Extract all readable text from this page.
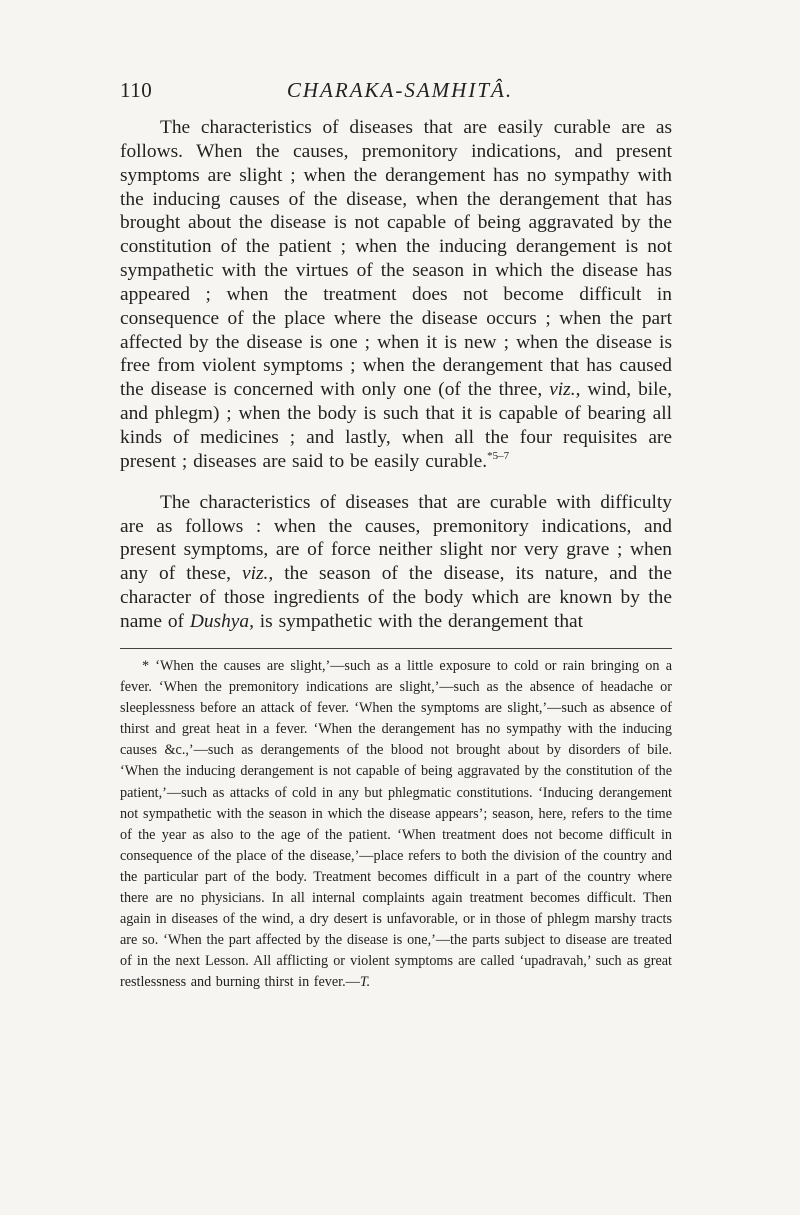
110	CHARAKA-SAMHITÂ.

The characteristics of diseases that are easily curable are as follows. When the causes, premonitory indications, and present symptoms are slight ; when the derangement has no sympathy with the inducing causes of the disease, when the derangement that has brought about the disease is not capable of being aggravated by the constitution of the patient ; when the inducing derangement is not sympathetic with the virtues of the season in which the disease has appeared ; when the treatment does not become difficult in consequence of the place where the disease occurs ; when the part affected by the disease is one ; when it is new ; when the disease is free from violent symptoms ; when the derangement that has caused the disease is concerned with only one (of the three, viz., wind, bile, and phlegm) ; when the body is such that it is capable of bearing all kinds of medicines ; and lastly, when all the four requisites are present ; diseases are said to be easily curable.$^{*5-7}$

The characteristics of diseases that are curable with difficulty are as follows : when the causes, premonitory indications, and present symptoms, are of force neither slight nor very grave ; when any of these, viz., the season of the disease, its nature, and the character of those ingredients of the body which are known by the name of Dushya, is sympathetic with the derangement that

* ‘When the causes are slight,’—such as a little exposure to cold or rain bringing on a fever. ‘When the premonitory indications are slight,’—such as the absence of headache or sleeplessness before an attack of fever. ‘When the symptoms are slight,’—such as absence of thirst and great heat in a fever. ‘When the derangement has no sympathy with the inducing causes &c.,’—such as derangements of the blood not brought about by disorders of bile. ‘When the inducing derangement is not capable of being aggravated by the constitution of the patient,’—such as attacks of cold in any but phlegmatic constitutions. ‘Inducing derangement not sympathetic with the season in which the disease appears’; season, here, refers to the time of the year as also to the age of the patient. ‘When treatment does not become difficult in consequence of the place of the disease,’—place refers to both the division of the country and the particular part of the body. Treatment becomes difficult in a part of the country where there are no physicians. In all internal complaints again treatment becomes difficult. Then again in diseases of the wind, a dry desert is unfavorable, or in those of phlegm marshy tracts are so. ‘When the part affected by the disease is one,’—the parts subject to disease are treated of in the next Lesson. All afflicting or violent symptoms are called ‘upadravah,’ such as great restlessness and burning thirst in fever.—T.
